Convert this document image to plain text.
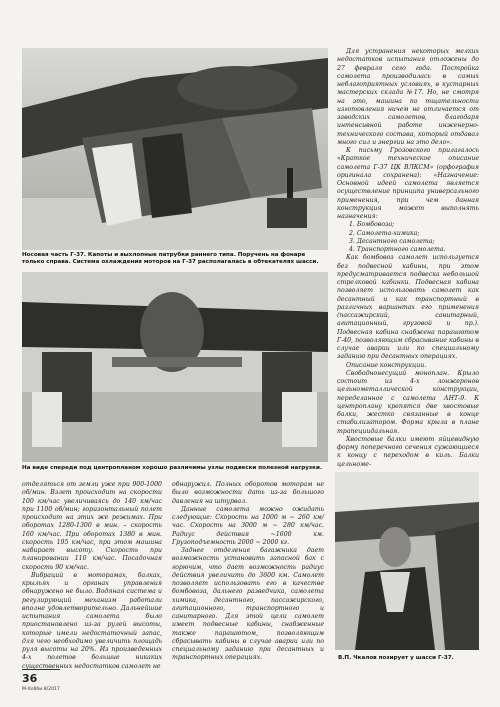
Носовая часть Г-37. Капоты и выхлопные патрубки раннего типа. Поручень на фонаре только справа. Система охлаждения моторов на Г-37 располагалась в обтекателях шасси.
На виде спереди под центропланом хорошо различимы узлы подвески полезной нагрузки.

Для устранения некоторых мелких недостатков испытания отложены до 27 февраля сего года. Постройка самолета производилась в самых неблагоприятных условиях, в кустарных мастерских склада №17. Но, не смотря на это, машина по тщательности изготовления ничем не отличается от заводских самолетов, благодаря интенсивной работе инженерно-технического состава, который отдавал много сил и энергии на это дело».

К письму Грозовского прилагалось «Краткое техническое описание самолета Г-37 ЦК ВЛКСМ» (орфография оригинала сохранена): «Назначение: Основной идеей самолета является осуществление принципа универсального применения, при чем данная конструкция может выполнять назначения:

1. Бомбовоза;
2. Самолета-химика;
3. Десантного самолета;
4. Транспортного самолета.

Как бомбовоз самолет используется без подвесной кабины, при этом предусматривается подвеска небольшой стрелковой кабинки. Подвесная кабина позволяет использовать самолет как десантный и как транспортный в различных вариантах его применения (пассажирский, санитарный, агитационный, грузовой и пр.). Подвесная кабина снабжена парашютом Г-40, позволяющим сбрасывание кабины в случае аварии или по специальному заданию при десантных операциях.

Описание конструкции.

Свободнонесущий моноплан. Крыло состоит из 4-х лонжеронов цельнометаллической конструкции, переделанное с самолета АНТ-9. К центроплану крепятся две хвостовые балки, жестко связанные в конце стабилизатором. Форма крыла в плане трапециидальная.

Хвостовые балки имеют яйцевидную форму поперечного сечения сужающиеся к концу с переходом в киль. Балки цельноме-

отделяться от земли уже при 900-1000 об/мин. Взлет происходит на скорости 100 км/час увеличиваясь до 140 км/час при 1100 об/мин; горизонтальный полет происходит на этих же режимах. При оборотах 1280-1300 в мин. – скорость 160 км/час. При оборотах 1380 в мин. скорость 195 км/час, при этом машина набирает высоту. Скорость при планировании 110 км/час. Посадочная скорость 90 км/час.

Вибраций в моторамах, балках, крыльях и органах управления обнаружено не было. Водяная система и регулирующий механизм работали вполне удовлетворительно. Дальнейшие испытания самолета было приостановлено из-за рулей высоты, которые имели недостаточный запас, для чего необходимо увеличить площадь руля высоты на 20%. Из произведенных 4-х полетов большие никаких существенных недостатков самолет не

обнаружил. Полных оборотов моторам не было возможности дать из-за большого давления на штурвал.

Данные самолета можно ожидать следующие: Скорость на 1000 м ~ 260 км/час. Скорость на 3000 м ~ 280 км/час. Радиус действия ~1600 км. Грузоподъемность 2000 ~ 2000 кг.

Заднее отделение багажника дает возможность установить запасной бак с горючим, что дает возможность радиус действия увеличить до 3600 км. Самолет позволяет использовать его в качестве бомбовоза, дальнего разведчика, самолета химика, десантного, пассажирского, агитационного, транспортного и санитарного. Для этой цели самолет имеет подвесные кабины, снабженные также парашютом, позволяющим сбрасывать кабины в случае аварии или по специальному заданию при десантных и транспортных операциях.	В.П. Чкалов позирует у шасси Г-37.
36
М-Хобби 8/2017
